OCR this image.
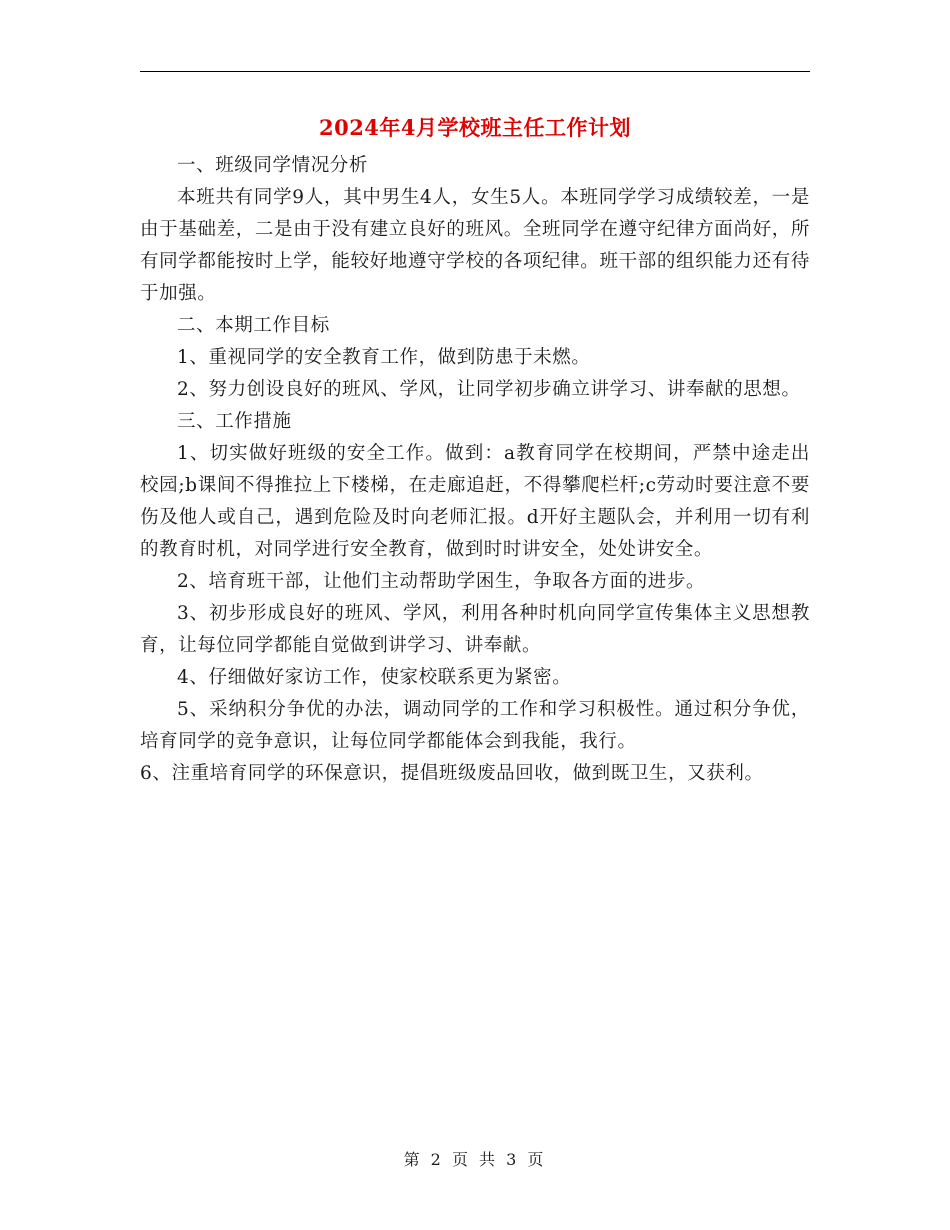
2024年4月学校班主任工作计划

一、班级同学情况分析

本班共有同学9人，其中男生4人，女生5人。本班同学学习成绩较差，一是由于基础差，二是由于没有建立良好的班风。全班同学在遵守纪律方面尚好，所有同学都能按时上学，能较好地遵守学校的各项纪律。班干部的组织能力还有待于加强。

二、本期工作目标

1、重视同学的安全教育工作，做到防患于未燃。

2、努力创设良好的班风、学风，让同学初步确立讲学习、讲奉献的思想。

三、工作措施

1、切实做好班级的安全工作。做到：a教育同学在校期间，严禁中途走出校园;b课间不得推拉上下楼梯，在走廊追赶，不得攀爬栏杆;c劳动时要注意不要伤及他人或自己，遇到危险及时向老师汇报。d开好主题队会，并利用一切有利的教育时机，对同学进行安全教育，做到时时讲安全，处处讲安全。

2、培育班干部，让他们主动帮助学困生，争取各方面的进步。

3、初步形成良好的班风、学风，利用各种时机向同学宣传集体主义思想教育，让每位同学都能自觉做到讲学习、讲奉献。

4、仔细做好家访工作，使家校联系更为紧密。

5、采纳积分争优的办法，调动同学的工作和学习积极性。通过积分争优，培育同学的竞争意识，让每位同学都能体会到我能，我行。

6、注重培育同学的环保意识，提倡班级废品回收，做到既卫生，又获利。

第 2 页 共 3 页
